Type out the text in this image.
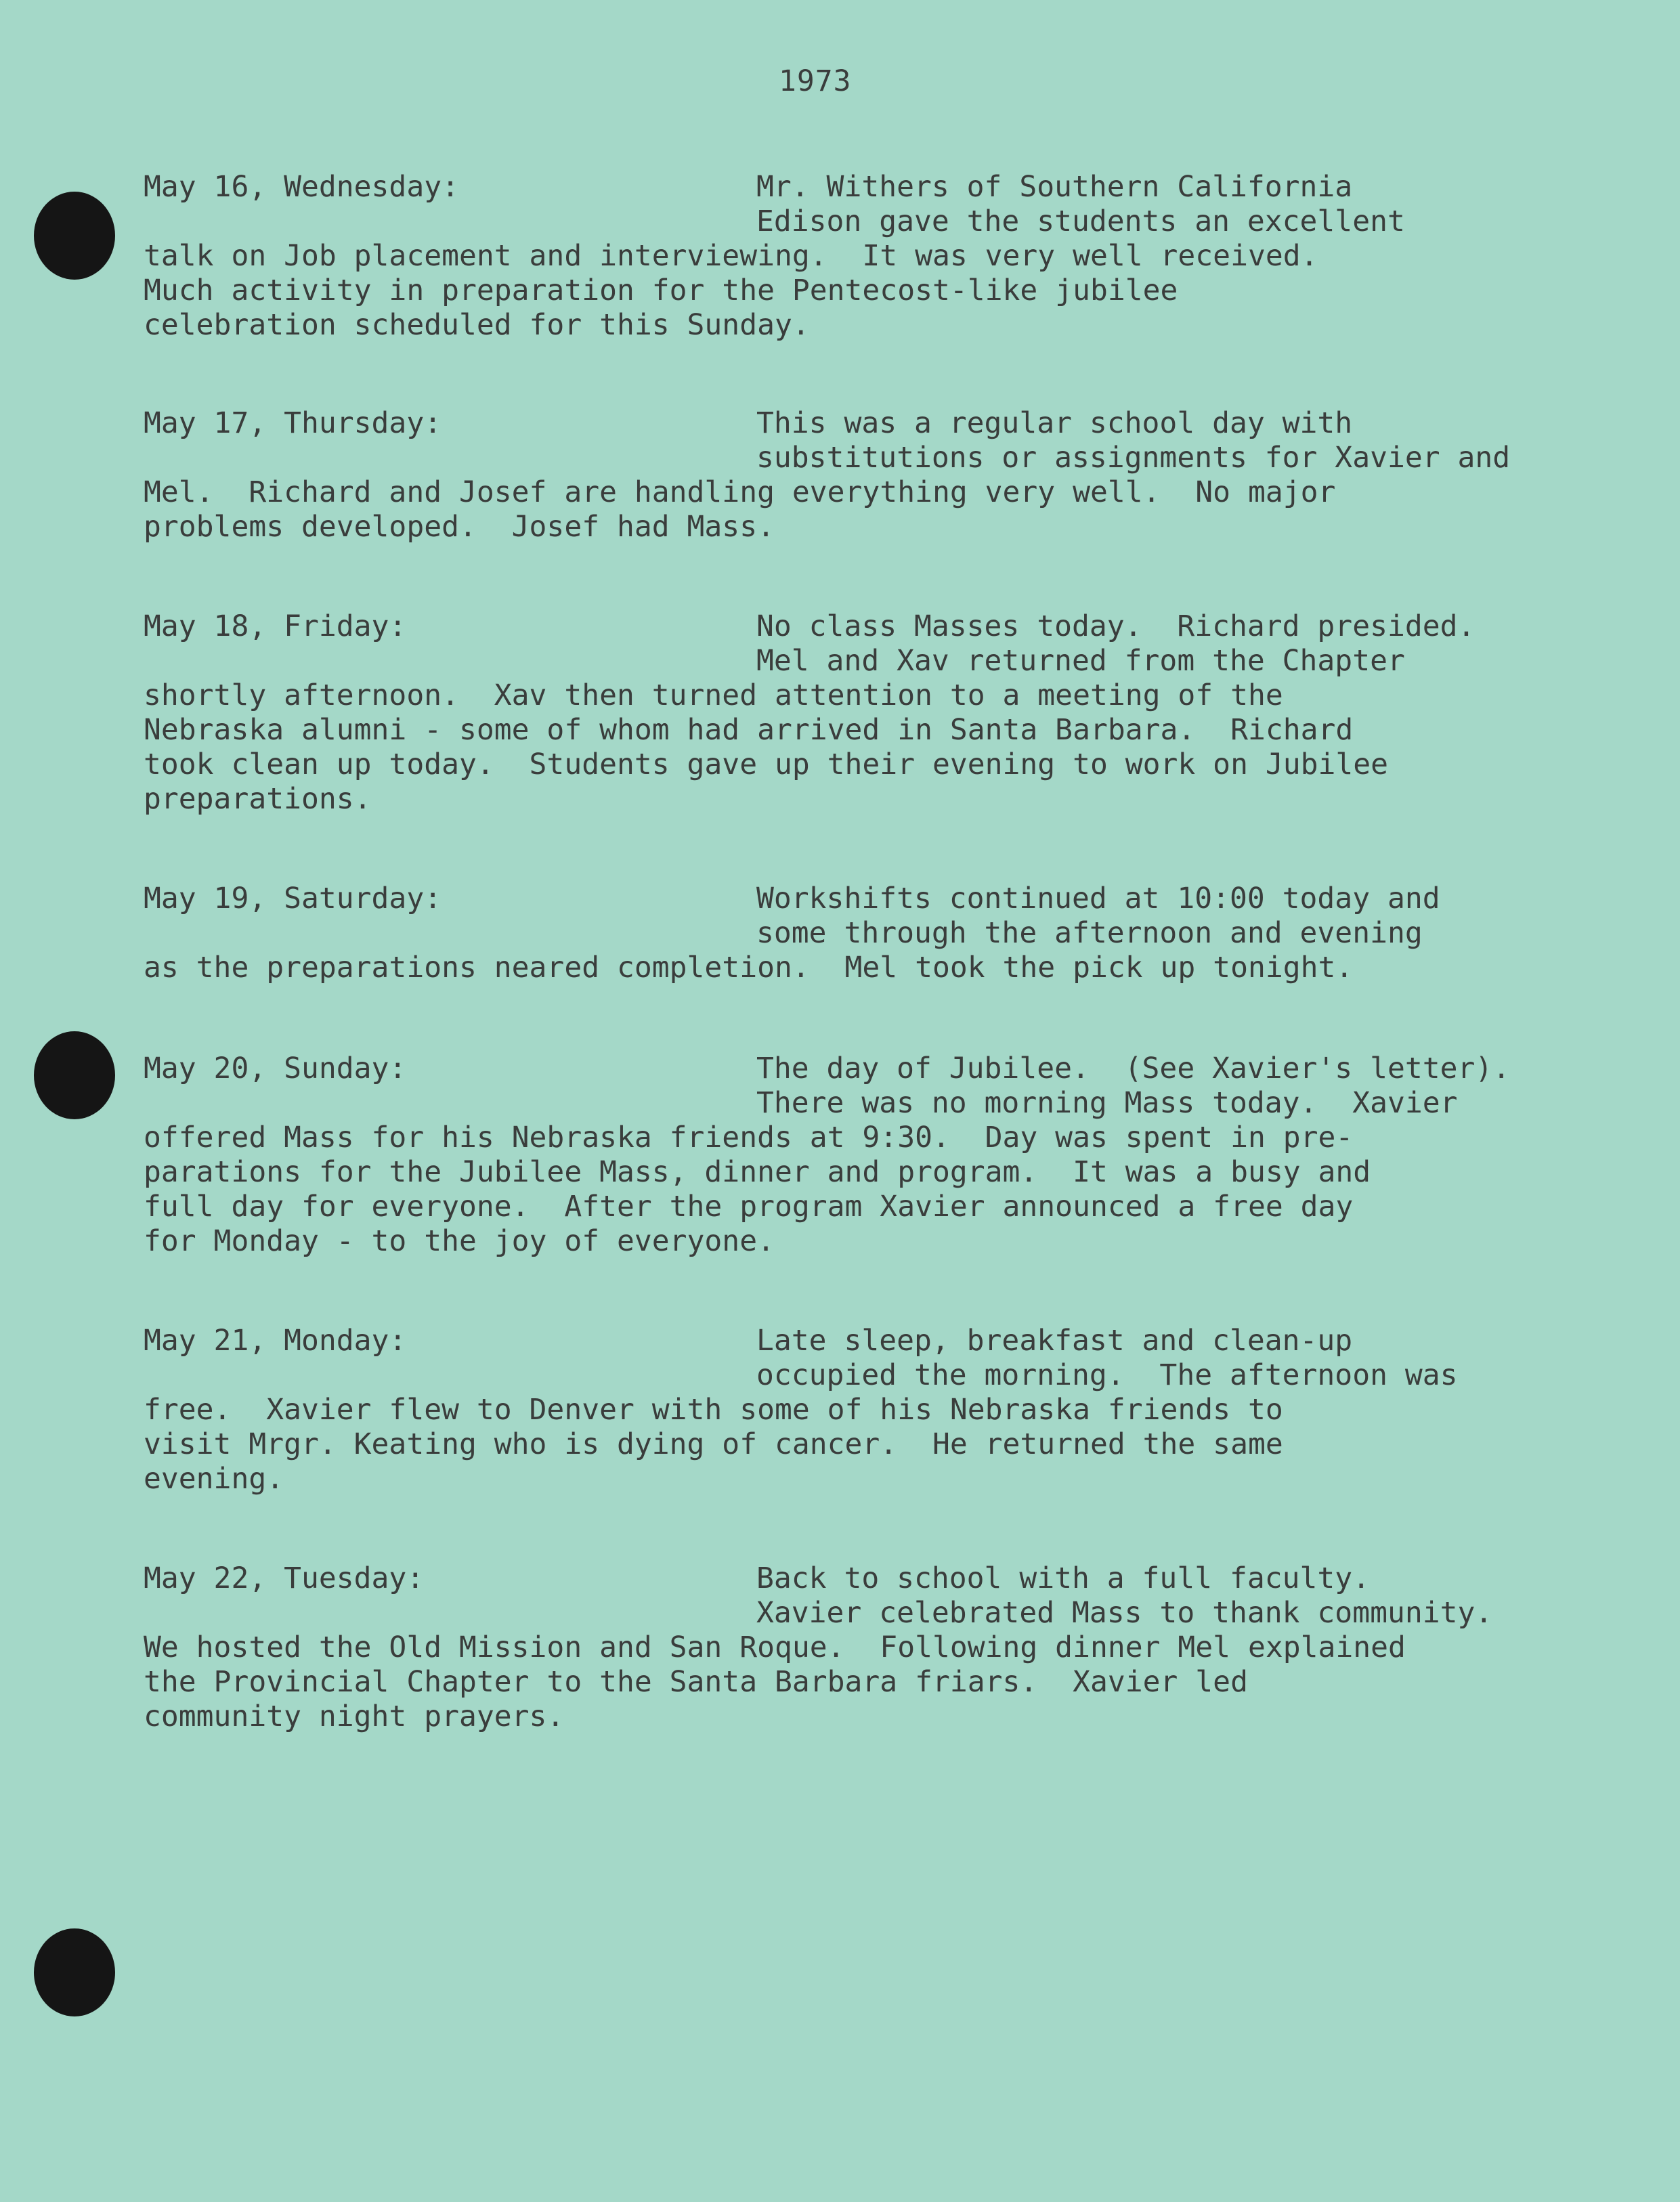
1973

May 16, Wednesday:

	Mr. Withers of Southern California
Edison gave the students an excellent

talk on Job placement and interviewing.  It was very well received.
Much activity in preparation for the Pentecost-like jubilee
celebration scheduled for this Sunday.

May 17, Thursday:

	This was a regular school day with
substitutions or assignments for Xavier and

Mel.  Richard and Josef are handling everything very well.  No major
problems developed.  Josef had Mass.

May 18, Friday:

	No class Masses today.  Richard presided.
Mel and Xav returned from the Chapter

shortly afternoon.  Xav then turned attention to a meeting of the
Nebraska alumni - some of whom had arrived in Santa Barbara.  Richard
took clean up today.  Students gave up their evening to work on Jubilee
preparations.

May 19, Saturday:

	Workshifts continued at 10:00 today and
some through the afternoon and evening

as the preparations neared completion.  Mel took the pick up tonight.

May 20, Sunday:

	The day of Jubilee.  (See Xavier's letter).
There was no morning Mass today.  Xavier

offered Mass for his Nebraska friends at 9:30.  Day was spent in pre-
parations for the Jubilee Mass, dinner and program.  It was a busy and
full day for everyone.  After the program Xavier announced a free day
for Monday - to the joy of everyone.

May 21, Monday:

	Late sleep, breakfast and clean-up
occupied the morning.  The afternoon was

free.  Xavier flew to Denver with some of his Nebraska friends to
visit Mrgr. Keating who is dying of cancer.  He returned the same
evening.

May 22, Tuesday:

	Back to school with a full faculty.
Xavier celebrated Mass to thank community.

We hosted the Old Mission and San Roque.  Following dinner Mel explained
the Provincial Chapter to the Santa Barbara friars.  Xavier led
community night prayers.
